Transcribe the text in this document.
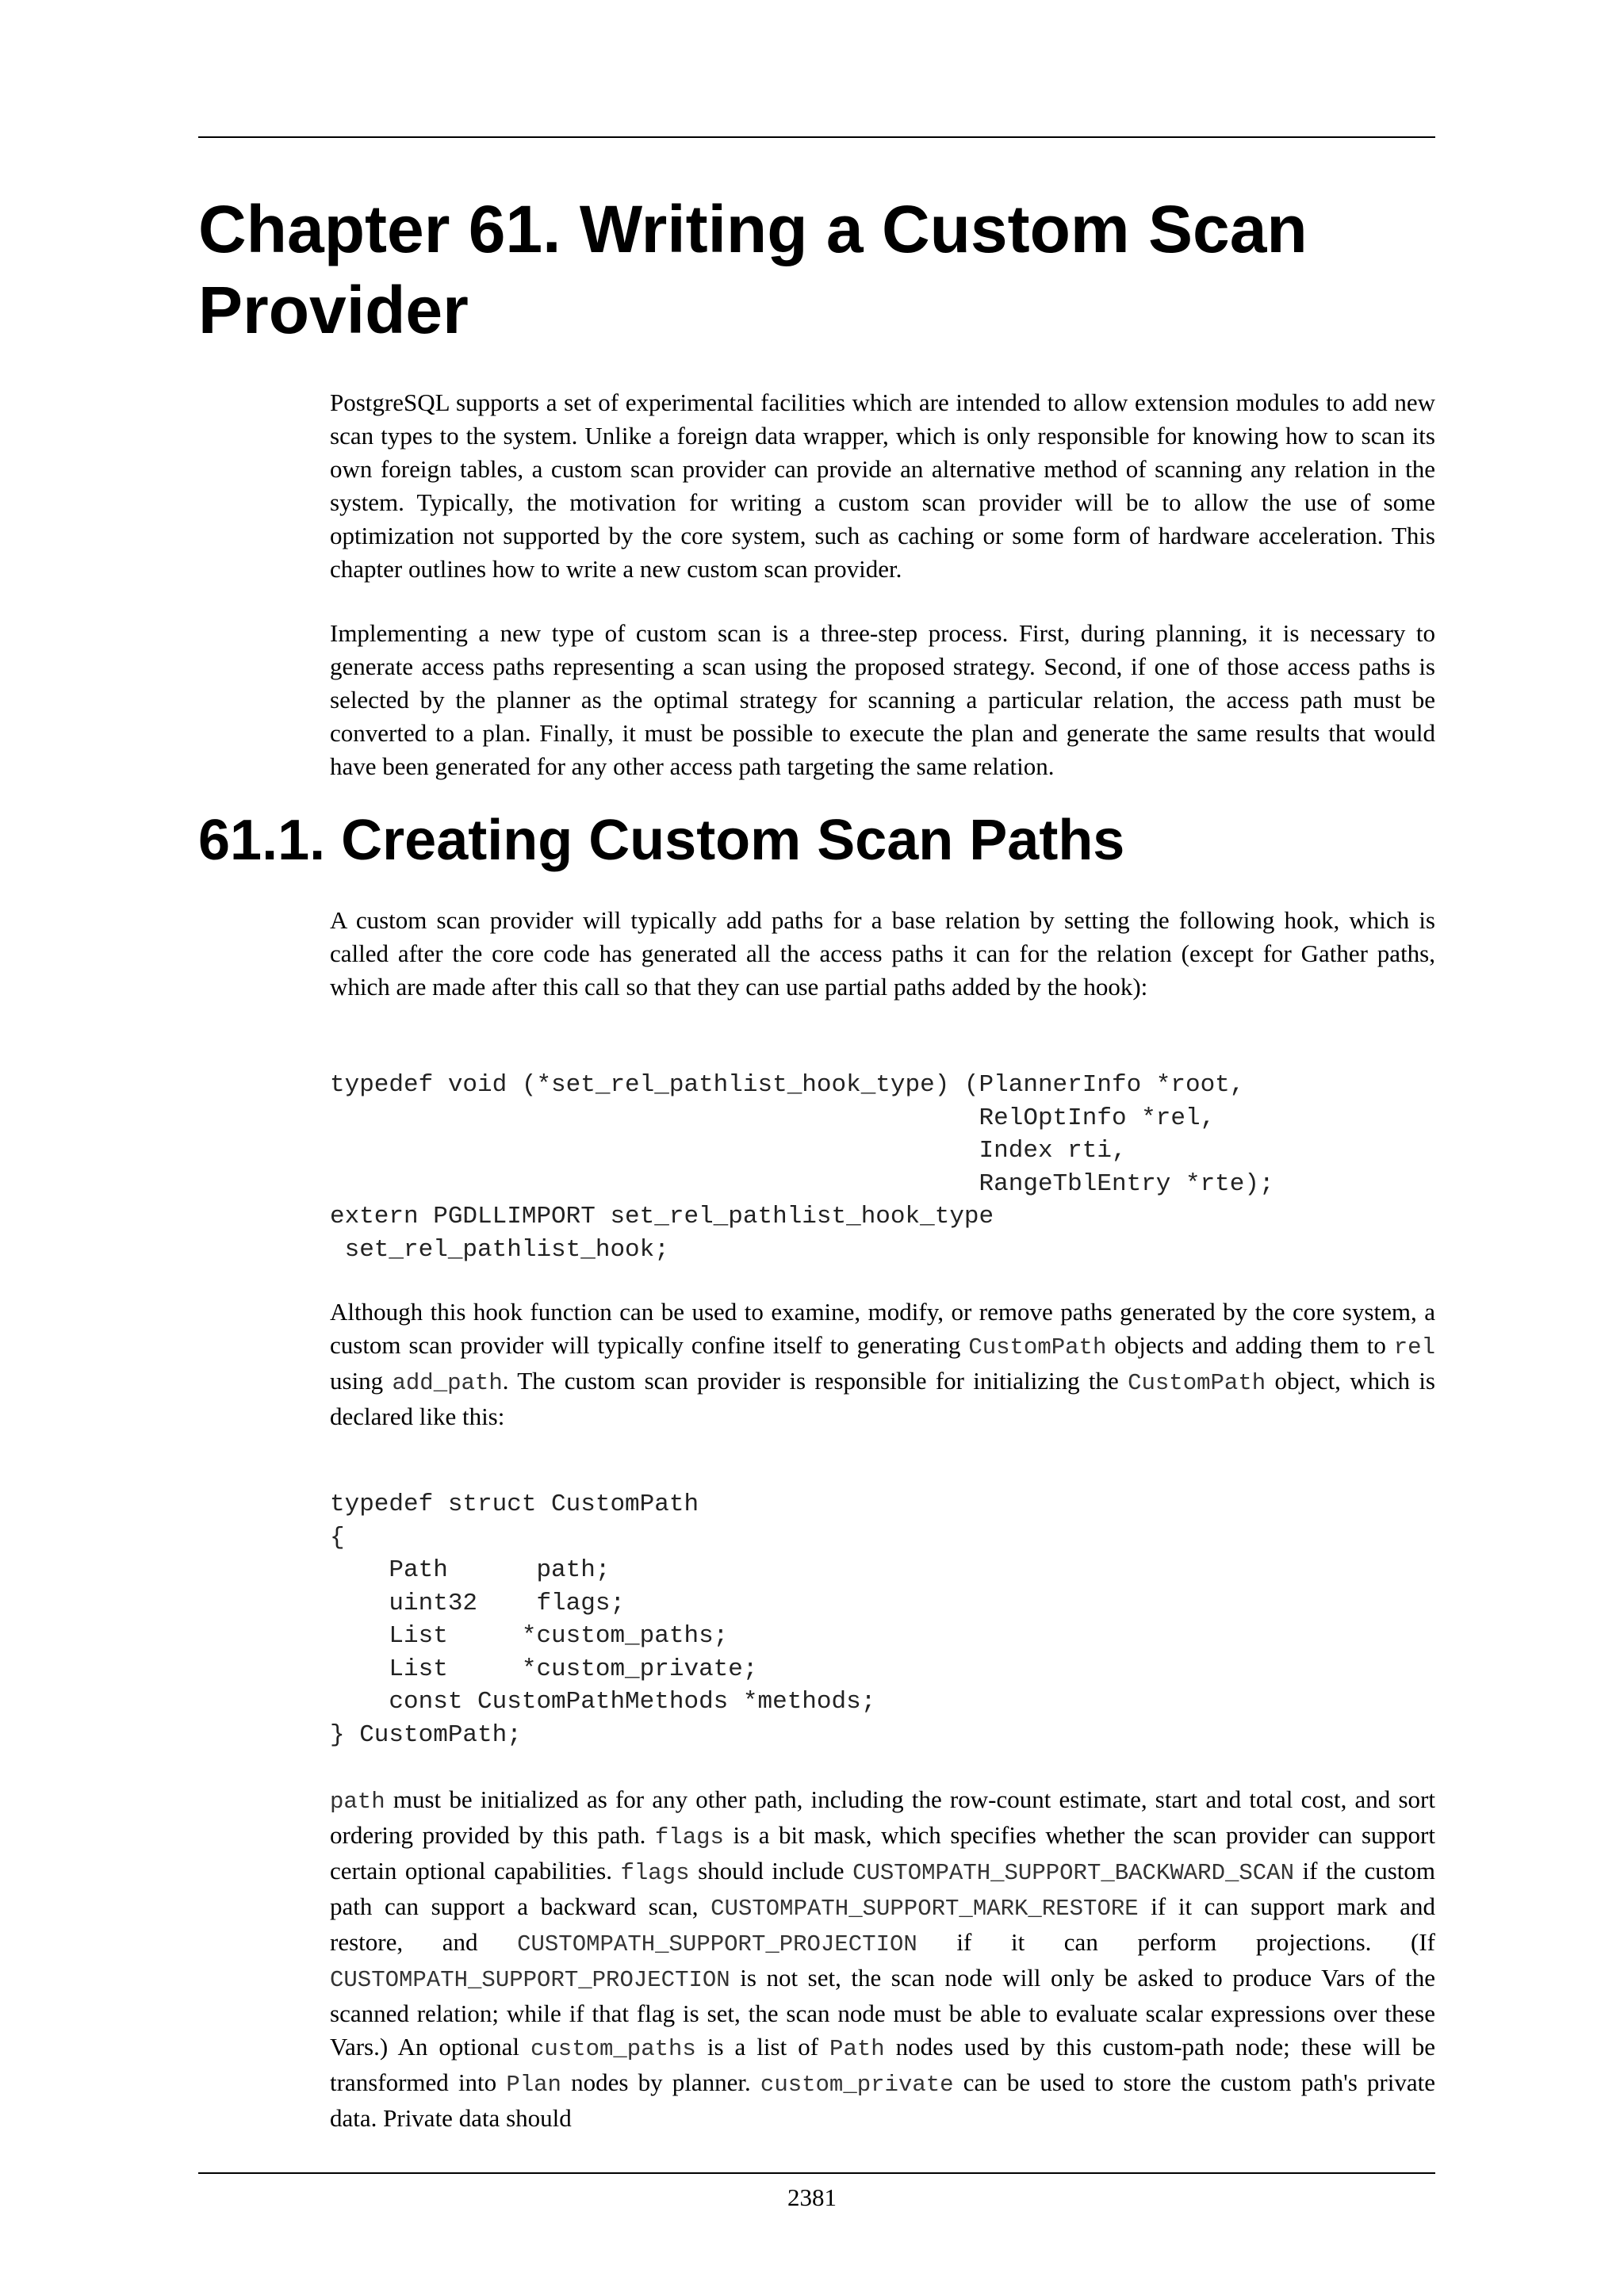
Chapter 61. Writing a Custom Scan Provider

PostgreSQL supports a set of experimental facilities which are intended to allow extension modules to add new scan types to the system. Unlike a foreign data wrapper, which is only responsible for knowing how to scan its own foreign tables, a custom scan provider can provide an alternative method of scanning any relation in the system. Typically, the motivation for writing a custom scan provider will be to allow the use of some optimization not supported by the core system, such as caching or some form of hardware acceleration. This chapter outlines how to write a new custom scan provider.

Implementing a new type of custom scan is a three-step process. First, during planning, it is necessary to generate access paths representing a scan using the proposed strategy. Second, if one of those access paths is selected by the planner as the optimal strategy for scanning a particular relation, the access path must be converted to a plan. Finally, it must be possible to execute the plan and generate the same results that would have been generated for any other access path targeting the same relation.

61.1. Creating Custom Scan Paths

A custom scan provider will typically add paths for a base relation by setting the following hook, which is called after the core code has generated all the access paths it can for the relation (except for Gather paths, which are made after this call so that they can use partial paths added by the hook):

typedef void (*set_rel_pathlist_hook_type) (PlannerInfo *root,
RelOptInfo *rel,
Index rti,
RangeTblEntry *rte);
extern PGDLLIMPORT set_rel_pathlist_hook_type
set_rel_pathlist_hook;

Although this hook function can be used to examine, modify, or remove paths generated by the core system, a custom scan provider will typically confine itself to generating CustomPath objects and adding them to rel using add_path. The custom scan provider is responsible for initializing the CustomPath object, which is declared like this:

typedef struct CustomPath
{
Path      path;
uint32    flags;
List     *custom_paths;
List     *custom_private;
const CustomPathMethods *methods;
} CustomPath;

path must be initialized as for any other path, including the row-count estimate, start and total cost, and sort ordering provided by this path. flags is a bit mask, which specifies whether the scan provider can support certain optional capabilities. flags should include CUSTOMPATH_SUPPORT_BACKWARD_SCAN if the custom path can support a backward scan, CUSTOMPATH_SUPPORT_MARK_RESTORE if it can support mark and restore, and CUSTOMPATH_SUPPORT_PROJECTION if it can perform projections. (If CUSTOMPATH_SUPPORT_PROJECTION is not set, the scan node will only be asked to produce Vars of the scanned relation; while if that flag is set, the scan node must be able to evaluate scalar expressions over these Vars.) An optional custom_paths is a list of Path nodes used by this custom-path node; these will be transformed into Plan nodes by planner. custom_private can be used to store the custom path's private data. Private data should

2381
